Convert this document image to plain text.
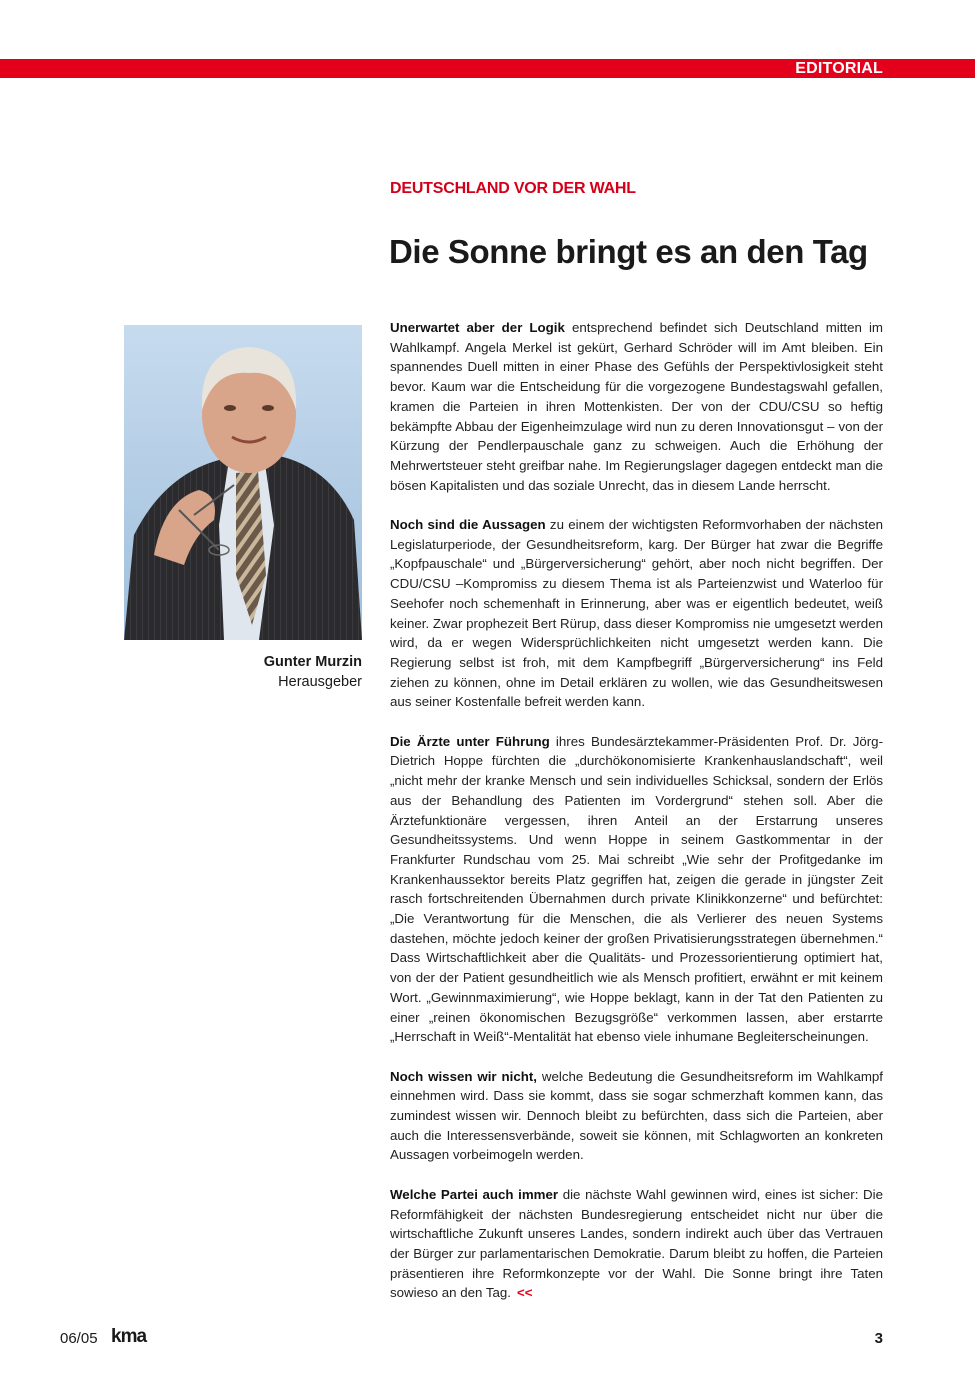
EDITORIAL
DEUTSCHLAND VOR DER WAHL
Die Sonne bringt es an den Tag
Gunter Murzin
Herausgeber

Unerwartet aber der Logik entsprechend befindet sich Deutschland mitten im Wahlkampf. Angela Merkel ist gekürt, Gerhard Schröder will im Amt bleiben. Ein spannendes Duell mitten in einer Phase des Gefühls der Perspektivlosigkeit steht bevor. Kaum war die Entscheidung für die vorgezogene Bundestagswahl gefallen, kramen die Parteien in ihren Mottenkisten. Der von der CDU/CSU so heftig bekämpfte Abbau der Eigenheimzulage wird nun zu deren Innovationsgut – von der Kürzung der Pendlerpauschale ganz zu schweigen. Auch die Erhöhung der Mehrwertsteuer steht greifbar nahe. Im Regierungslager dagegen entdeckt man die bösen Kapitalisten und das soziale Unrecht, das in diesem Lande herrscht.

Noch sind die Aussagen zu einem der wichtigsten Reformvorhaben der nächsten Legislaturperiode, der Gesundheitsreform, karg. Der Bürger hat zwar die Begriffe „Kopfpauschale“ und „Bürgerversicherung“ gehört, aber noch nicht begriffen. Der CDU/CSU –Kompromiss zu diesem Thema ist als Parteienzwist und Waterloo für Seehofer noch schemenhaft in Erinnerung, aber was er eigentlich bedeutet, weiß keiner. Zwar prophezeit Bert Rürup, dass dieser Kompromiss nie umgesetzt werden wird, da er wegen Widersprüchlichkeiten nicht umgesetzt werden kann. Die Regierung selbst ist froh, mit dem Kampfbegriff „Bürgerversicherung“ ins Feld ziehen zu können, ohne im Detail erklären zu wollen, wie das Gesundheitswesen aus seiner Kostenfalle befreit werden kann.

Die Ärzte unter Führung ihres Bundesärztekammer-Präsidenten Prof. Dr. Jörg-Dietrich Hoppe fürchten die „durchökonomisierte Krankenhauslandschaft“, weil „nicht mehr der kranke Mensch und sein individuelles Schicksal, sondern der Erlös aus der Behandlung des Patienten im Vordergrund“ stehen soll. Aber die Ärztefunktionäre vergessen, ihren Anteil an der Erstarrung unseres Gesundheitssystems. Und wenn Hoppe in seinem Gastkommentar in der Frankfurter Rundschau vom 25. Mai schreibt „Wie sehr der Profitgedanke im Krankenhaussektor bereits Platz gegriffen hat, zeigen die gerade in jüngster Zeit rasch fortschreitenden Übernahmen durch private Klinikkonzerne“ und befürchtet: „Die Verantwortung für die Menschen, die als Verlierer des neuen Systems dastehen, möchte jedoch keiner der großen Privatisierungsstrategen übernehmen.“ Dass Wirtschaftlichkeit aber die Qualitäts- und Prozessorientierung optimiert hat, von der der Patient gesundheitlich wie als Mensch profitiert, erwähnt er mit keinem Wort. „Gewinnmaximierung“, wie Hoppe beklagt, kann in der Tat den Patienten zu einer „reinen ökonomischen Bezugsgröße“ verkommen lassen, aber erstarrte „Herrschaft in Weiß“-Mentalität hat ebenso viele inhumane Begleiterscheinungen.

Noch wissen wir nicht, welche Bedeutung die Gesundheitsreform im Wahlkampf einnehmen wird. Dass sie kommt, dass sie sogar schmerzhaft kommen kann, das zumindest wissen wir. Dennoch bleibt zu befürchten, dass sich die Parteien, aber auch die Interessensverbände, soweit sie können, mit Schlagworten an konkreten Aussagen vorbeimogeln werden.

Welche Partei auch immer die nächste Wahl gewinnen wird, eines ist sicher: Die Reformfähigkeit der nächsten Bundesregierung entscheidet nicht nur über die wirtschaftliche Zukunft unseres Landes, sondern indirekt auch über das Vertrauen der Bürger zur parlamentarischen Demokratie. Darum bleibt zu hoffen, die Parteien präsentieren ihre Reformkonzepte vor der Wahl. Die Sonne bringt ihre Taten sowieso an den Tag. <<

06/05 kma	3
